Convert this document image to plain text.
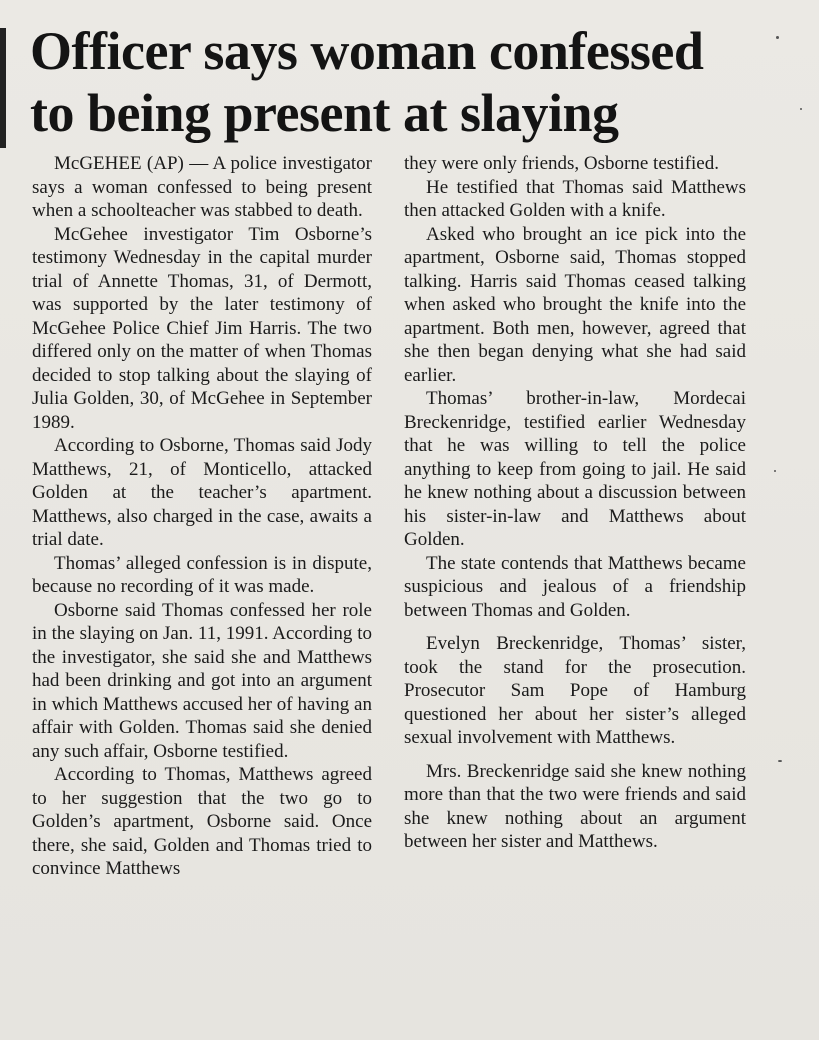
Officer says woman confessed
to being present at slaying

McGEHEE (AP) — A police investigator says a woman confessed to being present when a schoolteacher was stabbed to death.

McGehee investigator Tim Osborne’s testimony Wednesday in the capital murder trial of Annette Thomas, 31, of Dermott, was supported by the later testimony of McGehee Police Chief Jim Harris. The two differed only on the matter of when Thomas decided to stop talking about the slaying of Julia Golden, 30, of McGehee in September 1989.

According to Osborne, Thomas said Jody Matthews, 21, of Monticello, attacked Golden at the teacher’s apartment. Matthews, also charged in the case, awaits a trial date.

Thomas’ alleged confession is in dispute, because no recording of it was made.

Osborne said Thomas confessed her role in the slaying on Jan. 11, 1991. According to the investigator, she said she and Matthews had been drinking and got into an argument in which Matthews accused her of having an affair with Golden. Thomas said she denied any such affair, Osborne testified.

According to Thomas, Matthews agreed to her suggestion that the two go to Golden’s apartment, Osborne said. Once there, she said, Golden and Thomas tried to convince Matthews

they were only friends, Osborne testified.

He testified that Thomas said Matthews then attacked Golden with a knife.

Asked who brought an ice pick into the apartment, Osborne said, Thomas stopped talking. Harris said Thomas ceased talking when asked who brought the knife into the apartment. Both men, however, agreed that she then began denying what she had said earlier.

Thomas’ brother-in-law, Mordecai Breckenridge, testified earlier Wednesday that he was willing to tell the police anything to keep from going to jail. He said he knew nothing about a discussion between his sister-in-law and Matthews about Golden.

The state contends that Matthews became suspicious and jealous of a friendship between Thomas and Golden.

Evelyn Breckenridge, Thomas’ sister, took the stand for the prosecution. Prosecutor Sam Pope of Hamburg questioned her about her sister’s alleged sexual involvement with Matthews.

Mrs. Breckenridge said she knew nothing more than that the two were friends and said she knew nothing about an argument between her sister and Matthews.
